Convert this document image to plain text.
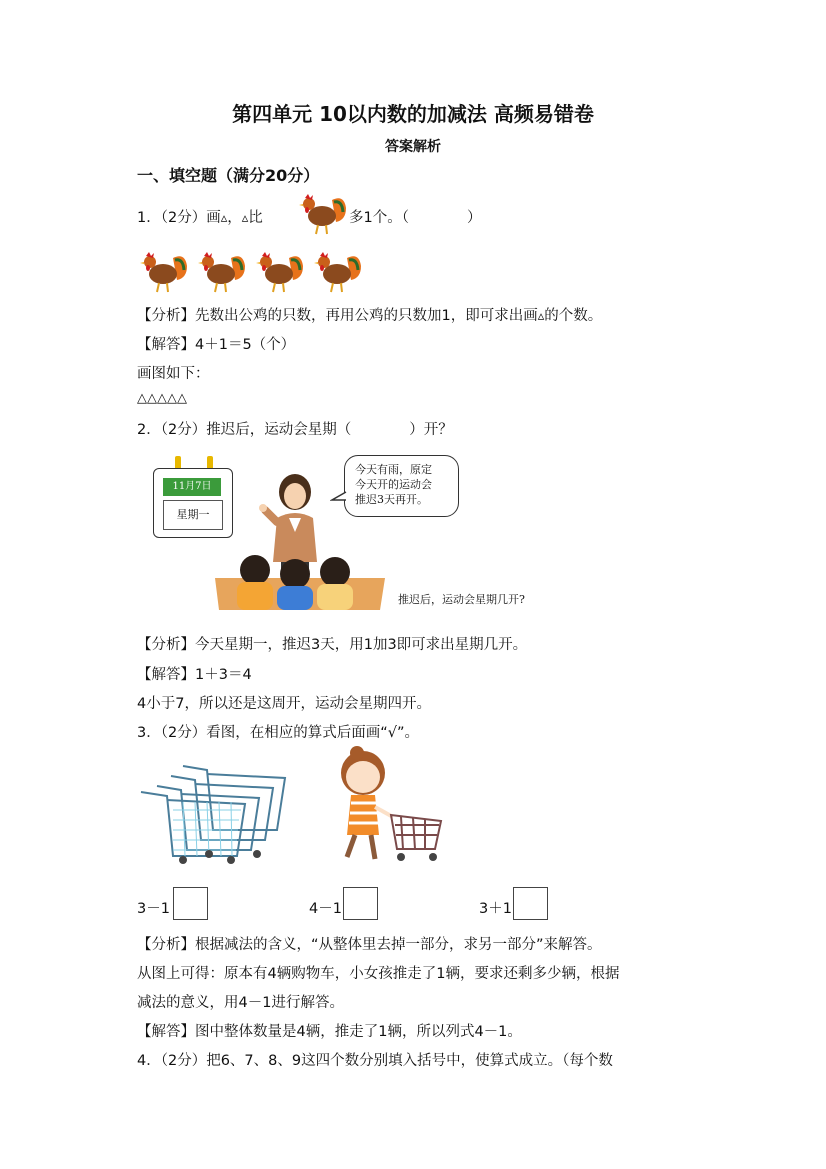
第四单元 10以内数的加减法 高频易错卷
答案解析
一、填空题（满分20分）
1．（2分）画▵，▵比	多1个。（　　　　）
【分析】先数出公鸡的只数，再用公鸡的只数加1，即可求出画▵的个数。
【解答】4＋1＝5（个）
画图如下：
△△△△△
2．（2分）推迟后，运动会星期（　　　　）开？
11月7日
星期一
今天有雨，原定
今天开的运动会
推迟3天再开。
推迟后，运动会星期几开?
【分析】今天星期一，推迟3天，用1加3即可求出星期几开。
【解答】1＋3＝4
4小于7，所以还是这周开，运动会星期四开。
3．（2分）看图，在相应的算式后面画“√”。
3－1	4－1	3＋1
【分析】根据减法的含义，“从整体里去掉一部分，求另一部分”来解答。
从图上可得：原本有4辆购物车，小女孩推走了1辆，要求还剩多少辆，根据
减法的意义，用4－1进行解答。
【解答】图中整体数量是4辆，推走了1辆，所以列式4－1。
4．（2分）把6、7、8、9这四个数分别填入括号中，使算式成立。（每个数
